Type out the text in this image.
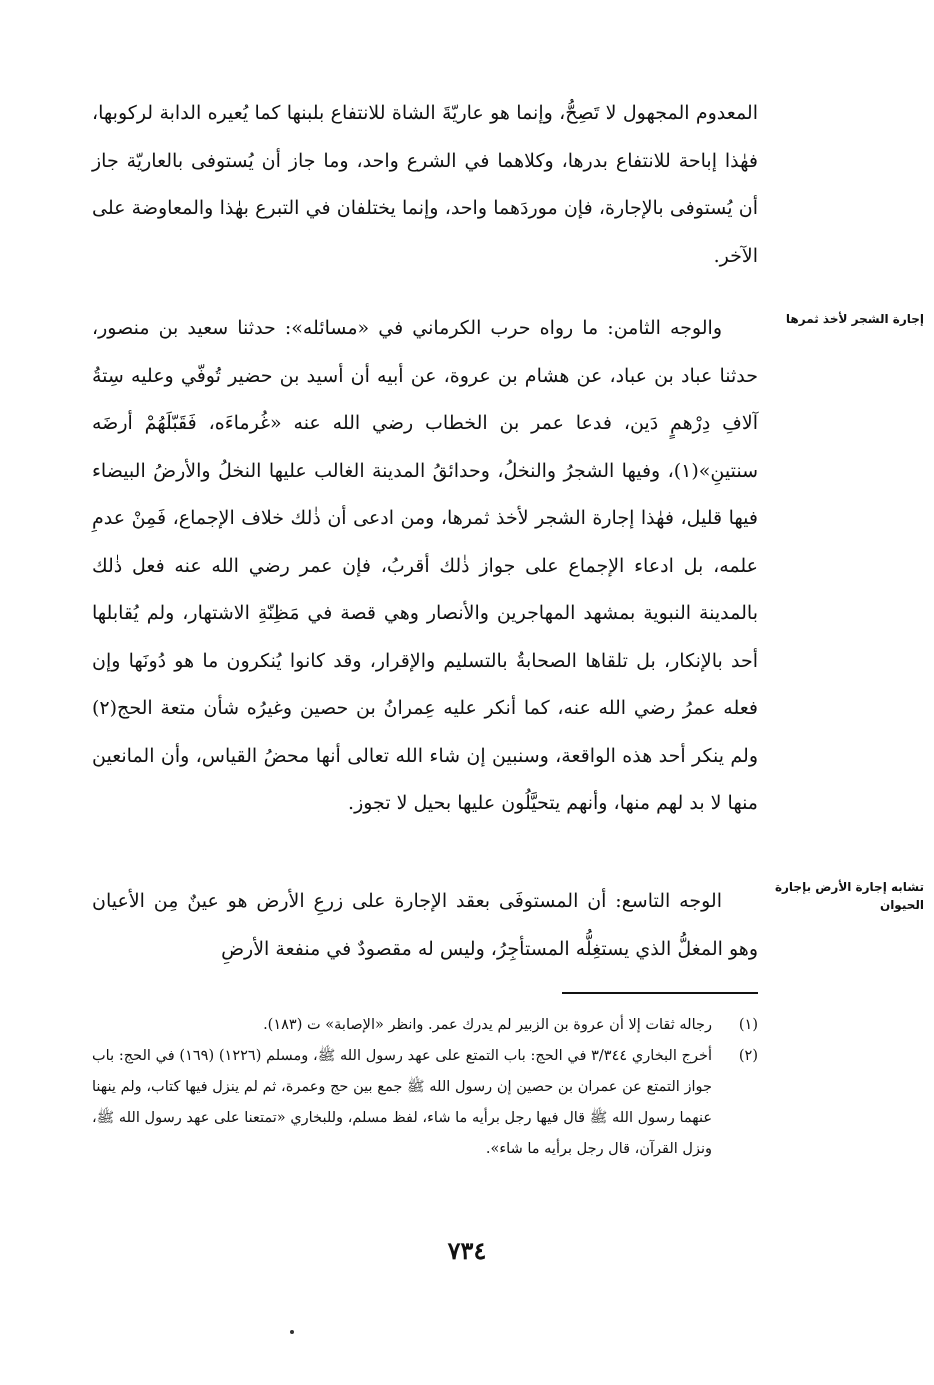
المعدوم المجهول لا تَصِحُّ، وإنما هو عاريّةَ الشاة للانتفاع بلبنها كما يُعيره الدابة لركوبها، فهٰذا إباحة للانتفاع بدرها، وكلاهما في الشرع واحد، وما جاز أن يُستوفى بالعاريّة جاز أن يُستوفى بالإجارة، فإن موردَهما واحد، وإنما يختلفان في التبرع بهٰذا والمعاوضة على الآخر.
إجارة الشجر لأخذ ثمرها
والوجه الثامن: ما رواه حرب الكرماني في «مسائله»: حدثنا سعيد بن منصور، حدثنا عباد بن عباد، عن هشام بن عروة، عن أبيه أن أسيد بن حضير تُوفّي وعليه سِتةُ آلافِ دِرْهمٍ دَين، فدعا عمر بن الخطاب رضي الله عنه «غُرماءَه، فَقَبّلَهُمْ أرضَه سنتينِ»(١)، وفيها الشجرُ والنخلُ، وحدائقُ المدينة الغالب عليها النخلُ والأرضُ البيضاء فيها قليل، فهٰذا إجارة الشجر لأخذ ثمرها، ومن ادعى أن ذٰلك خلاف الإجماع، فَمِنْ عدمِ علمه، بل ادعاء الإجماع على جواز ذٰلك أقربُ، فإن عمر رضي الله عنه فعل ذٰلك بالمدينة النبوية بمشهد المهاجرين والأنصار وهي قصة في مَظِنّةِ الاشتهار، ولم يُقابلها أحد بالإنكار، بل تلقاها الصحابةُ بالتسليم والإقرار، وقد كانوا يُنكرون ما هو دُونَها وإن فعله عمرُ رضي الله عنه، كما أنكر عليه عِمرانُ بن حصين وغيرُه شأن متعة الحج(٢) ولم ينكر أحد هذه الواقعة، وسنبين إن شاء الله تعالى أنها محضُ القياس، وأن المانعين منها لا بد لهم منها، وأنهم يتحيَّلُون عليها بحيل لا تجوز.
تشابه إجارة الأرض بإجارة الحيوان
الوجه التاسع: أن المستوفَى بعقد الإجارة على زرعِ الأرض هو عينٌ مِن الأعيان وهو المغلُّ الذي يستغِلُّه المستأجِرُ، وليس له مقصودٌ في منفعة الأرضِ
(١)
رجاله ثقات إلا أن عروة بن الزبير لم يدرك عمر. وانظر «الإصابة» ت (١٨٣).
(٢)
أخرج البخاري ٣/٣٤٤ في الحج: باب التمتع على عهد رسول الله ﷺ، ومسلم (١٢٢٦) (١٦٩) في الحج: باب جواز التمتع عن عمران بن حصين إن رسول الله ﷺ جمع بين حج وعمرة، ثم لم ينزل فيها كتاب، ولم ينهنا عنهما رسول الله ﷺ قال فيها رجل برأيه ما شاء، لفظ مسلم، وللبخاري «تمتعنا على عهد رسول الله ﷺ، ونزل القرآن، قال رجل برأيه ما شاء».
٧٣٤
